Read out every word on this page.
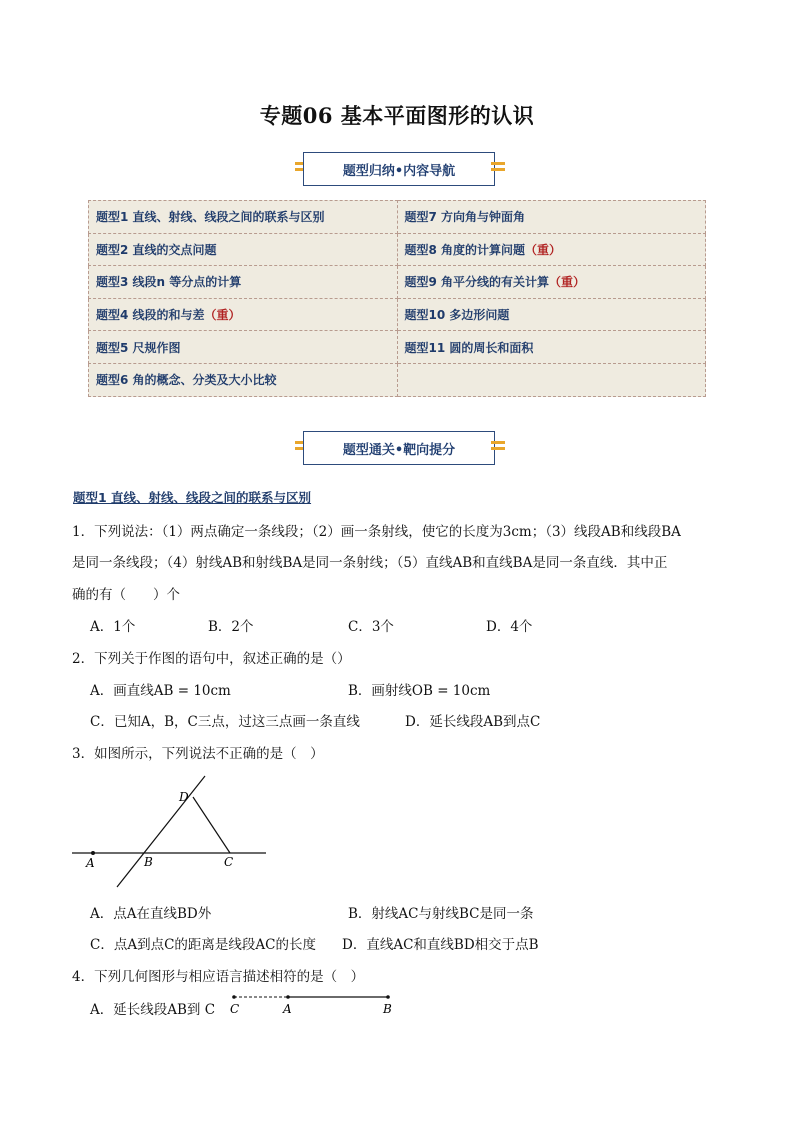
专题06 基本平面图形的认识
题型归纳•内容导航
题型1 直线、射线、线段之间的联系与区别	题型7 方向角与钟面角
题型2 直线的交点问题	题型8 角度的计算问题（重）
题型3 线段n 等分点的计算	题型9 角平分线的有关计算（重）
题型4 线段的和与差（重）	题型10 多边形问题
题型5 尺规作图	题型11 圆的周长和面积
题型6 角的概念、分类及大小比较	
题型通关•靶向提分
题型1 直线、射线、线段之间的联系与区别
1．下列说法：（1）两点确定一条线段；（2）画一条射线，使它的长度为3cm；（3）线段AB和线段BA
是同一条线段；（4）射线AB和射线BA是同一条射线；（5）直线AB和直线BA是同一条直线．其中正
确的有（　　）个
A．1个	B．2个	C．3个	D．4个
2．下列关于作图的语句中，叙述正确的是（）
A．画直线AB = 10cm	B．画射线OB = 10cm
C．已知A，B，C三点，过这三点画一条直线	D．延长线段AB到点C
3．如图所示，下列说法不正确的是（　）
A	B	C
D
A．点A在直线BD外	B．射线AC与射线BC是同一条
C．点A到点C的距离是线段AC的长度 D．直线AC和直线BD相交于点B
4．下列几何图形与相应语言描述相符的是（　）
A．延长线段AB到 C C	A	B
